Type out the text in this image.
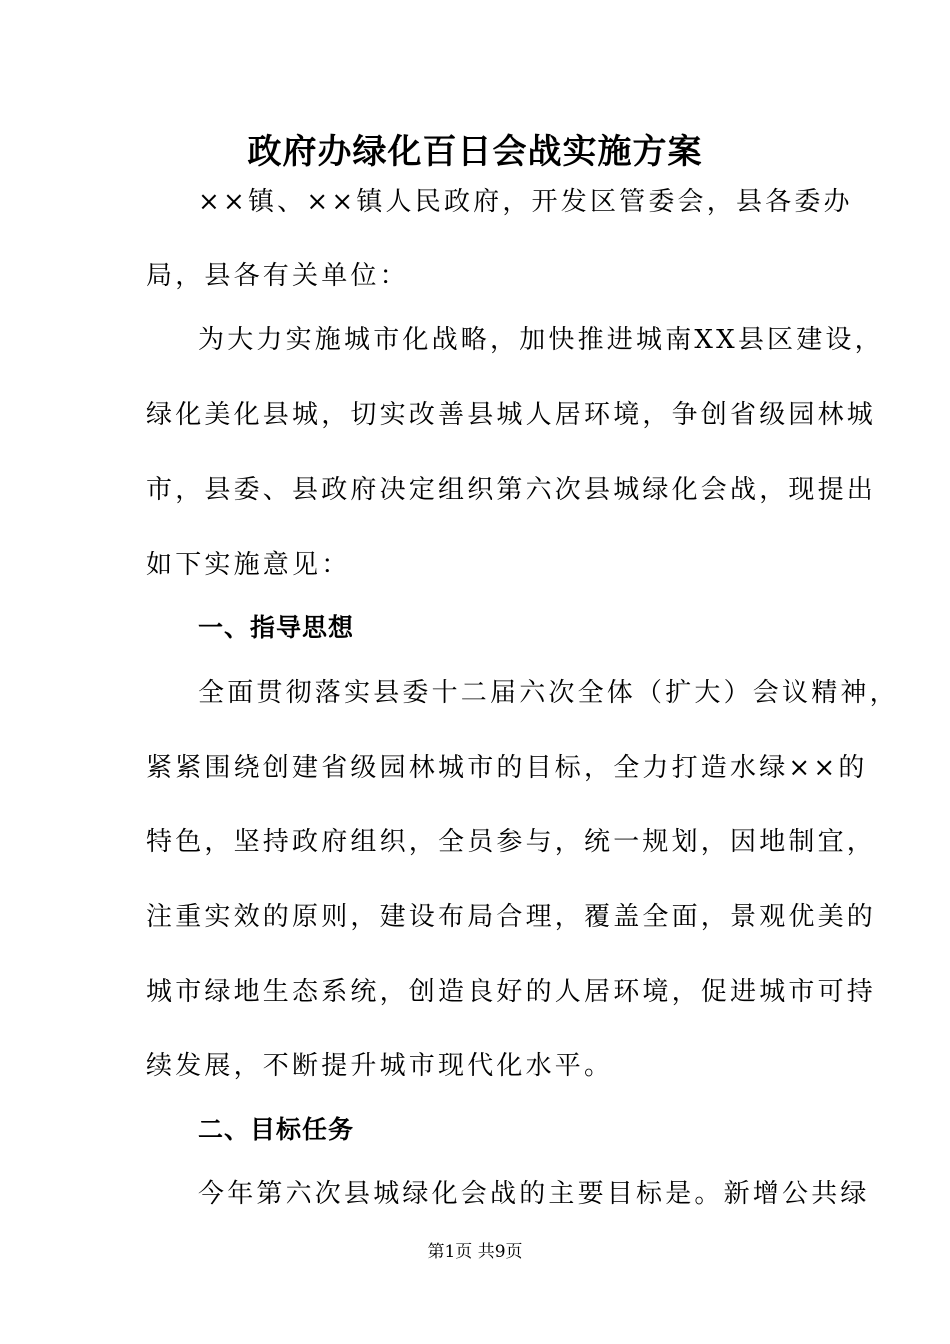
政府办绿化百日会战实施方案
××镇、××镇人民政府，开发区管委会，县各委办
局，县各有关单位：
为大力实施城市化战略，加快推进城南XX县区建设，
绿化美化县城，切实改善县城人居环境，争创省级园林城
市，县委、县政府决定组织第六次县城绿化会战，现提出
如下实施意见：
一、指导思想
全面贯彻落实县委十二届六次全体（扩大）会议精神，
紧紧围绕创建省级园林城市的目标，全力打造水绿××的
特色，坚持政府组织，全员参与，统一规划，因地制宜，
注重实效的原则，建设布局合理，覆盖全面，景观优美的
城市绿地生态系统，创造良好的人居环境，促进城市可持
续发展，不断提升城市现代化水平。
二、目标任务
今年第六次县城绿化会战的主要目标是。新增公共绿
第1页 共9页
